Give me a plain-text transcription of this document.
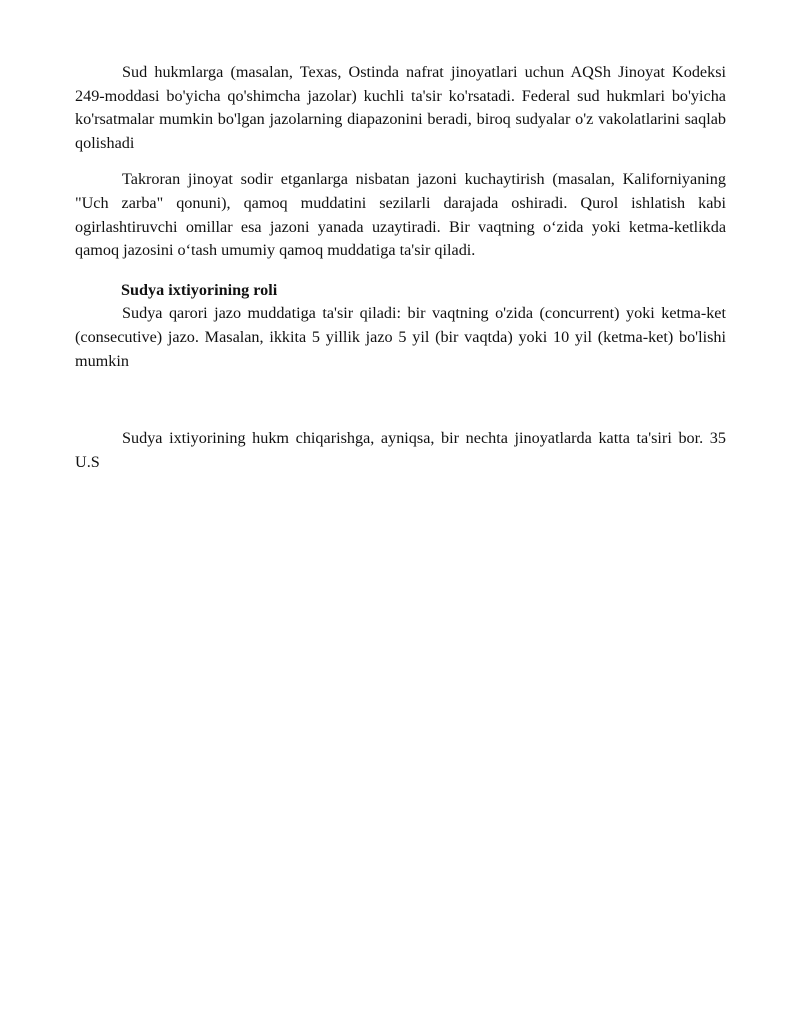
Sud hukmlarga (masalan, Texas, Ostinda nafrat jinoyatlari uchun AQSh Jinoyat Kodeksi 249-moddasi bo'yicha qo'shimcha jazolar) kuchli ta'sir ko'rsatadi. Federal sud hukmlari bo'yicha ko'rsatmalar mumkin bo'lgan jazolarning diapazonini beradi, biroq sudyalar o'z vakolatlarini saqlab qolishadi

Takroran jinoyat sodir etganlarga nisbatan jazoni kuchaytirish (masalan, Kaliforniyaning "Uch zarba" qonuni), qamoq muddatini sezilarli darajada oshiradi. Qurol ishlatish kabi ogirlashtiruvchi omillar esa jazoni yanada uzaytiradi. Bir vaqtning o‘zida yoki ketma-ketlikda qamoq jazosini o‘tash umumiy qamoq muddatiga ta'sir qiladi.

Sudya ixtiyorining roli

Sudya qarori jazo muddatiga ta'sir qiladi: bir vaqtning o'zida (concurrent) yoki ketma-ket (consecutive) jazo. Masalan, ikkita 5 yillik jazo 5 yil (bir vaqtda) yoki 10 yil (ketma-ket) bo'lishi mumkin

Sudya ixtiyorining hukm chiqarishga, ayniqsa, bir nechta jinoyatlarda katta ta'siri bor. 35 U.S
